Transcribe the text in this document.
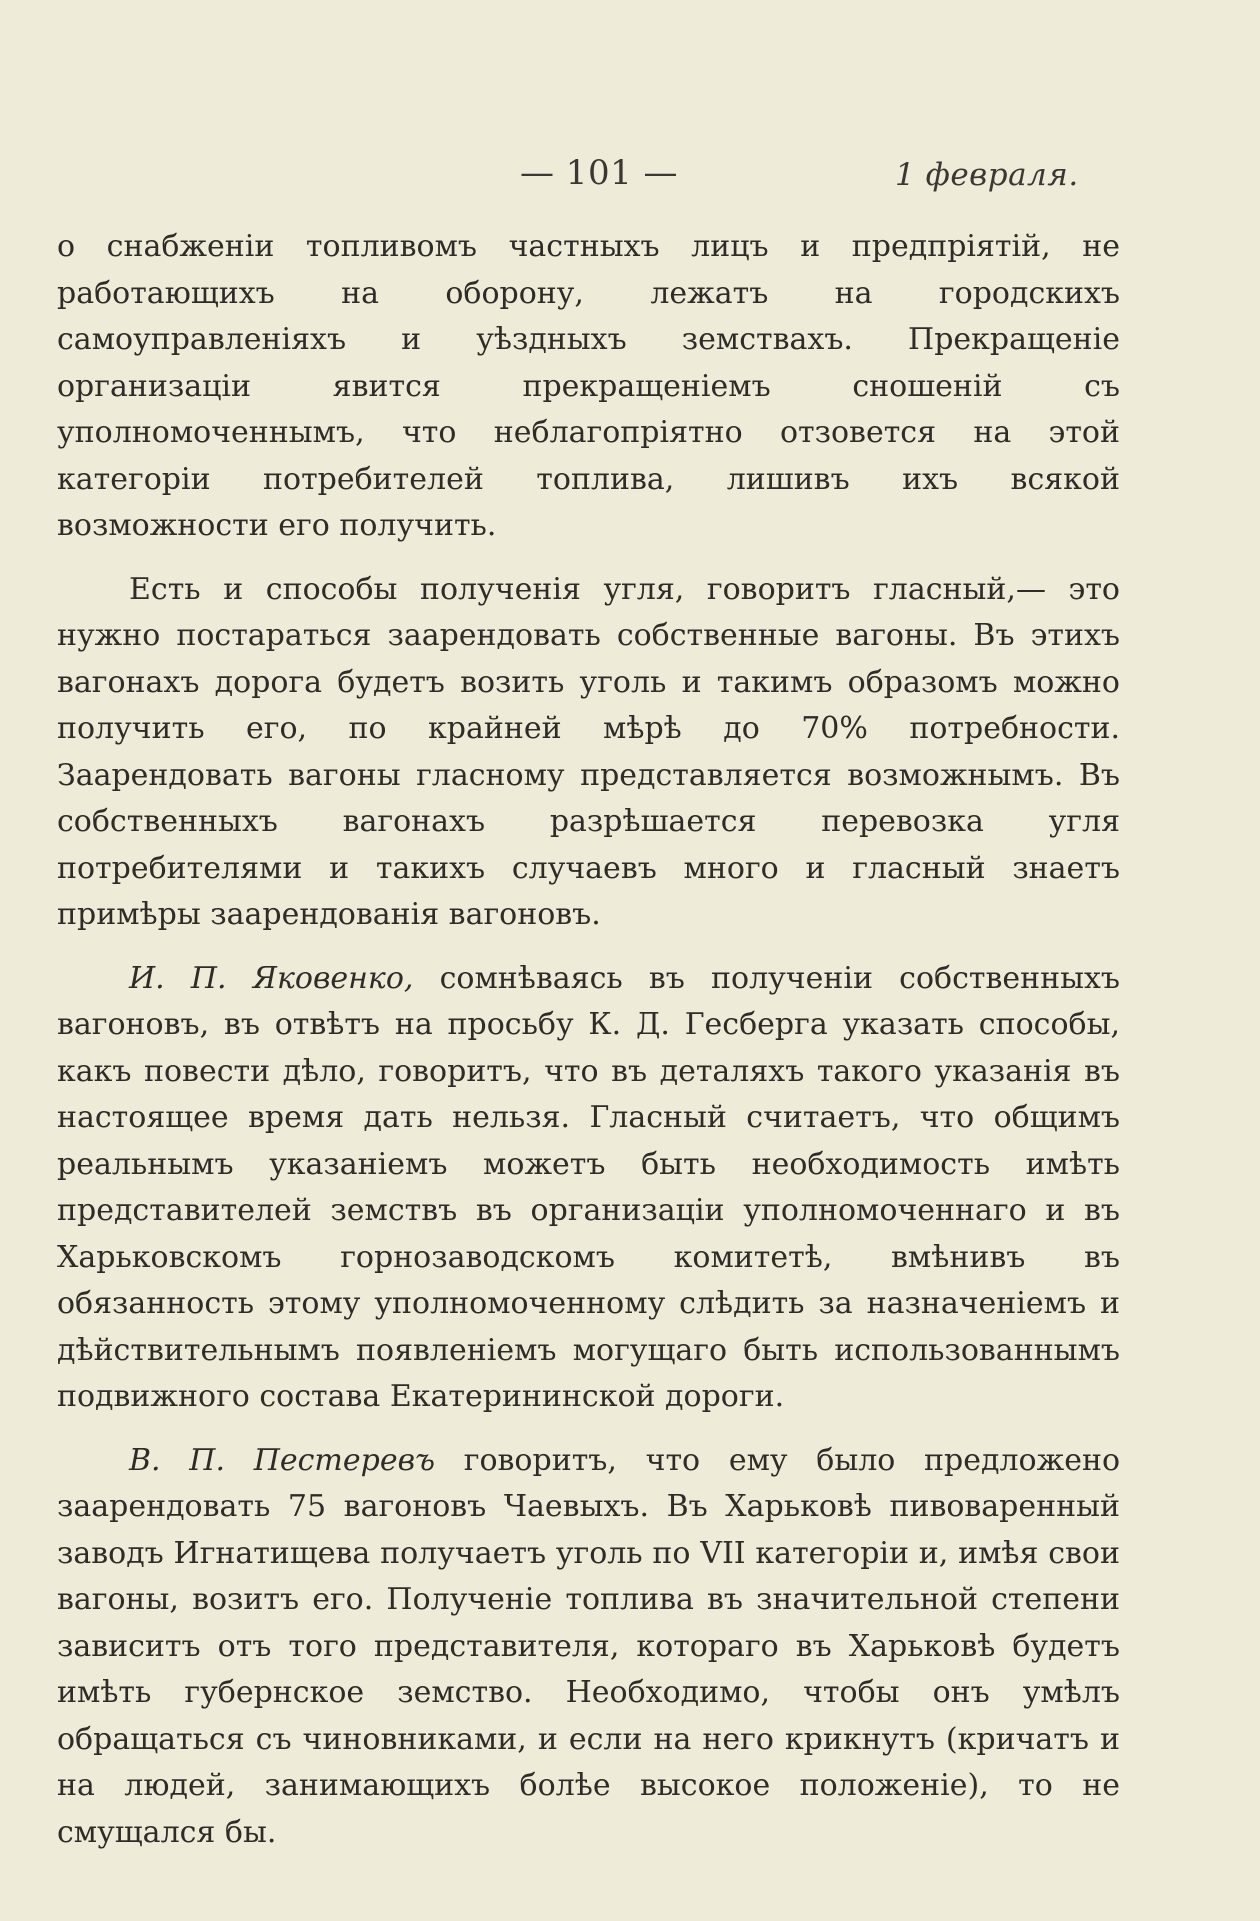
— 101 —	1 февраля.

о снабженіи топливомъ частныхъ лицъ и предпріятій, не работающихъ на оборону, лежатъ на городскихъ самоуправленіяхъ и уѣздныхъ земствахъ. Прекращеніе организаціи явится прекращеніемъ сношеній съ уполномоченнымъ, что неблагопріятно отзовется на этой категоріи потребителей топлива, лишивъ ихъ всякой возможности его получить.

Есть и способы полученія угля, говоритъ гласный,— это нужно постараться заарендовать собственные вагоны. Въ этихъ вагонахъ дорога будетъ возить уголь и такимъ образомъ можно получить его, по крайней мѣрѣ до 70% потребности. Заарендовать вагоны гласному представляется возможнымъ. Въ собственныхъ вагонахъ разрѣшается перевозка угля потребителями и такихъ случаевъ много и гласный знаетъ примѣры заарендованія вагоновъ.

И. П. Яковенко, сомнѣваясь въ полученіи собственныхъ вагоновъ, въ отвѣтъ на просьбу К. Д. Гесберга указать способы, какъ повести дѣло, говоритъ, что въ деталяхъ такого указанія въ настоящее время дать нельзя. Гласный считаетъ, что общимъ реальнымъ указаніемъ можетъ быть необходимость имѣть представителей земствъ въ организаціи уполномоченнаго и въ Харьковскомъ горнозаводскомъ комитетѣ, вмѣнивъ въ обязанность этому уполномоченному слѣдить за назначеніемъ и дѣйствительнымъ появленіемъ могущаго быть использованнымъ подвижного состава Екатерининской дороги.

В. П. Пестеревъ говоритъ, что ему было предложено заарендовать 75 вагоновъ Чаевыхъ. Въ Харьковѣ пивоваренный заводъ Игнатищева получаетъ уголь по VII категоріи и, имѣя свои вагоны, возитъ его. Полученіе топлива въ значительной степени зависитъ отъ того представителя, котораго въ Харьковѣ будетъ имѣть губернское земство. Необходимо, чтобы онъ умѣлъ обращаться съ чиновниками, и если на него крикнутъ (кричатъ и на людей, занимающихъ болѣе высокое положеніе), то не смущался бы.
